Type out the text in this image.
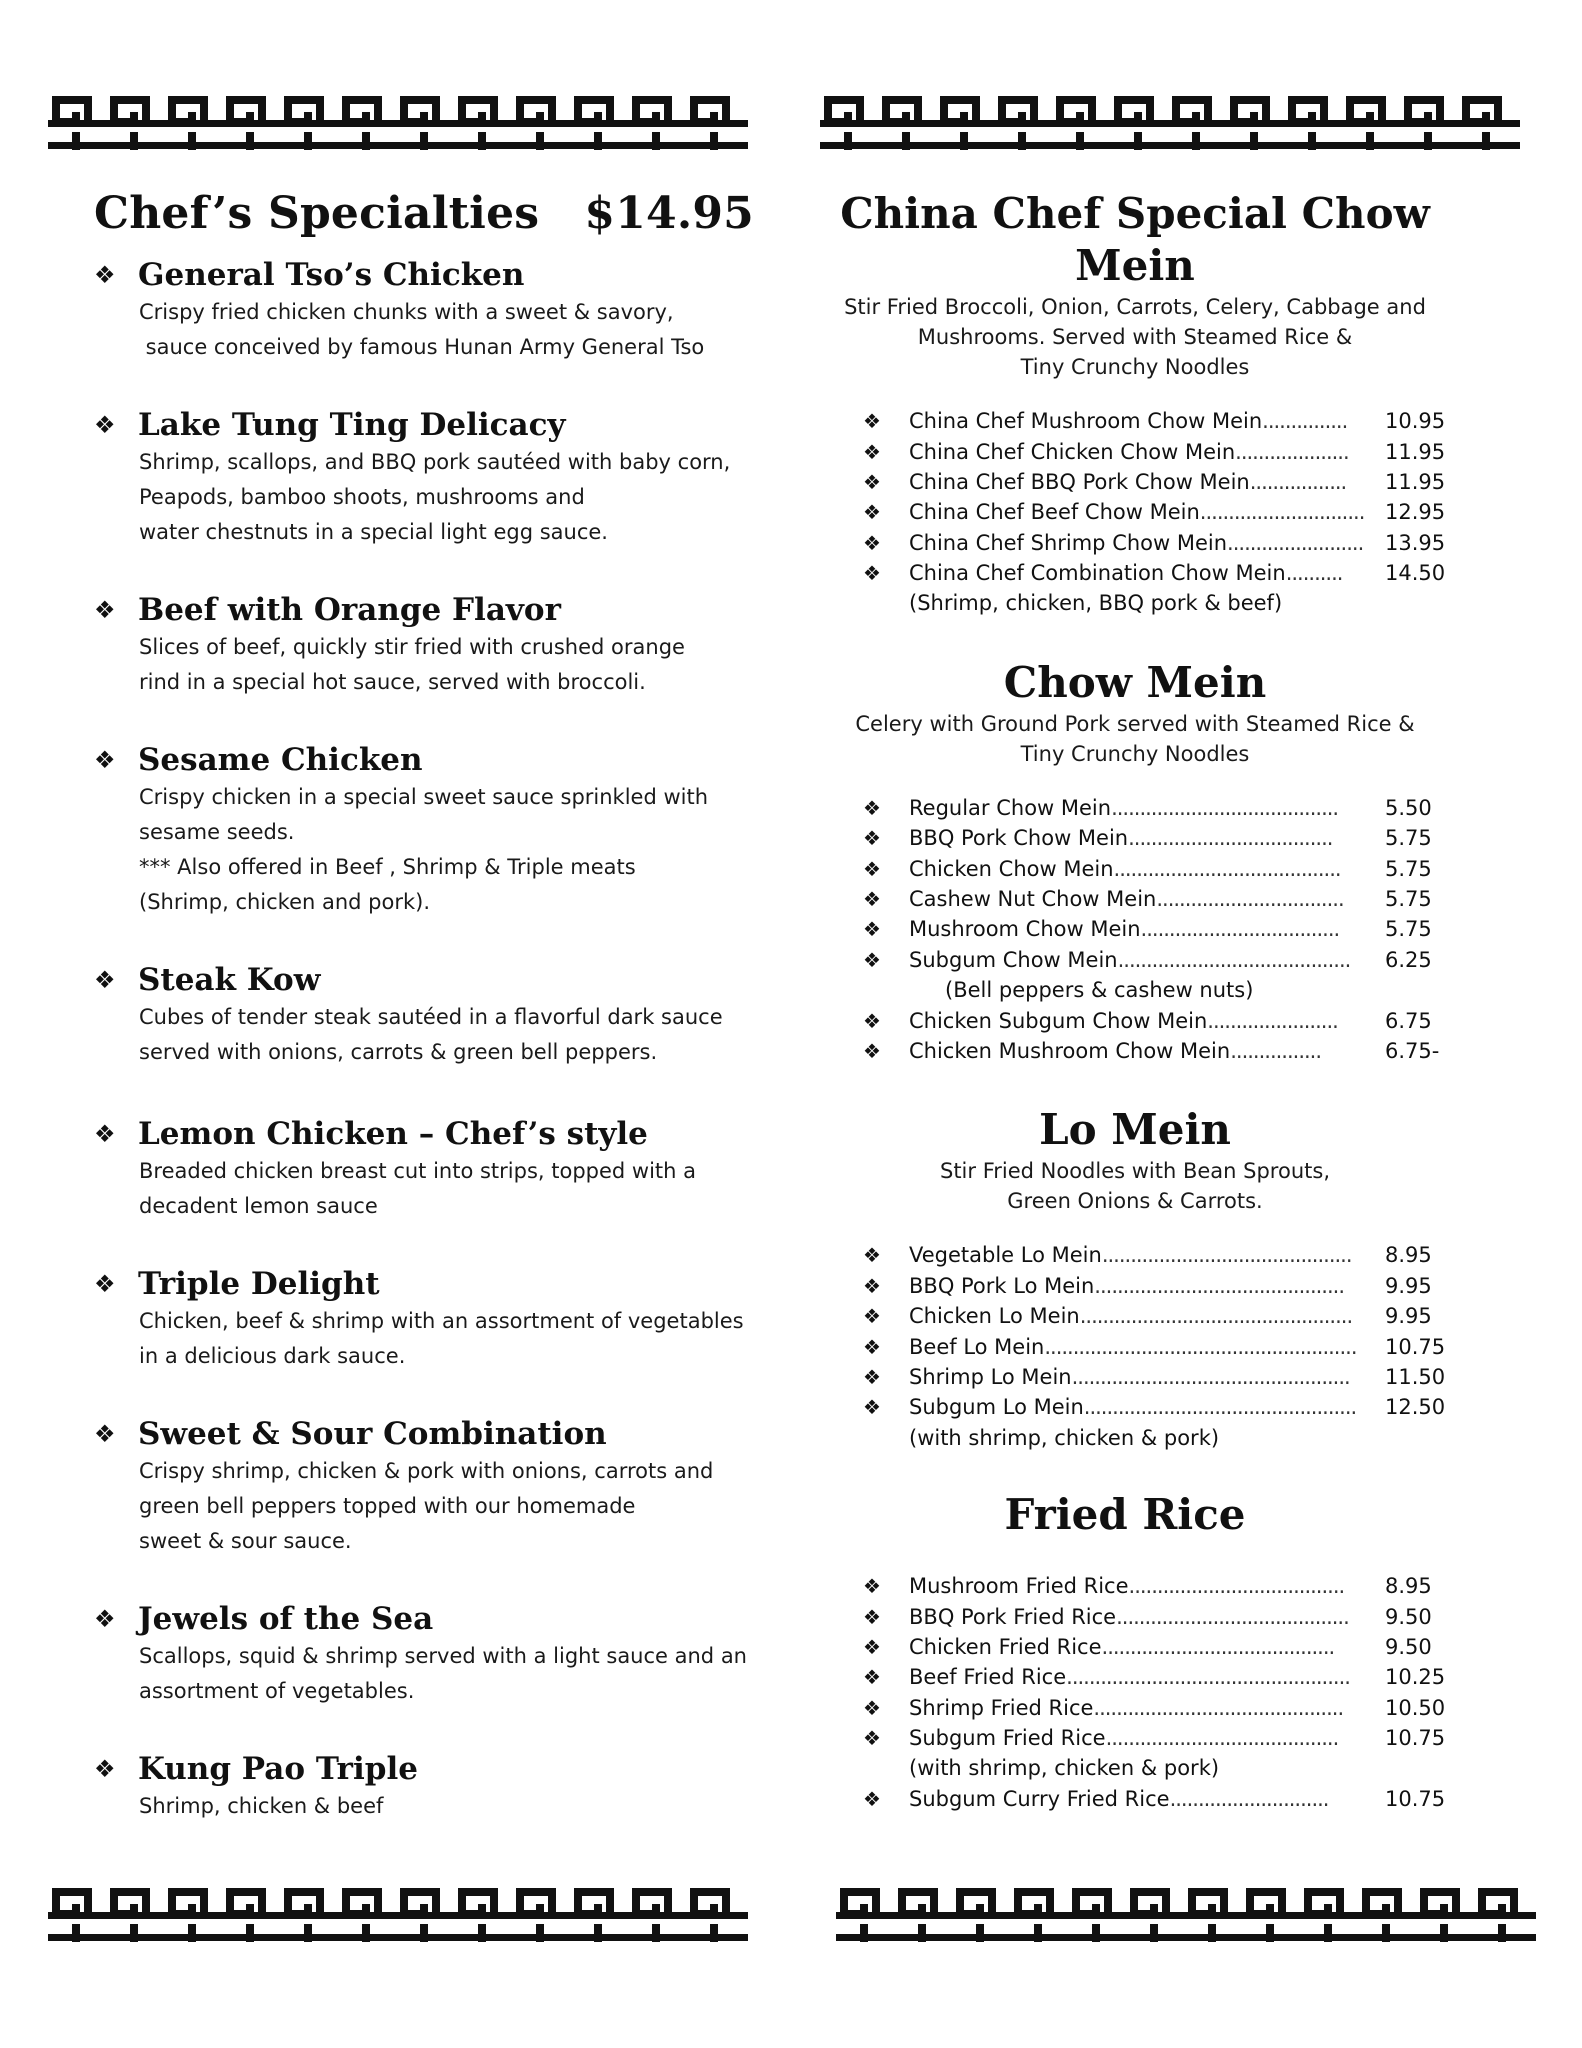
Chef’s Specialties $14.95
❖ General Tso’s Chicken
Crispy fried chicken chunks with a sweet & savory,
sauce conceived by famous Hunan Army General Tso
❖ Lake Tung Ting Delicacy
Shrimp, scallops, and BBQ pork sautéed with baby corn,
Peapods, bamboo shoots, mushrooms and
water chestnuts in a special light egg sauce.
❖ Beef with Orange Flavor
Slices of beef, quickly stir fried with crushed orange
rind in a special hot sauce, served with broccoli.
❖ Sesame Chicken
Crispy chicken in a special sweet sauce sprinkled with
sesame seeds.
*** Also offered in Beef , Shrimp & Triple meats
(Shrimp, chicken and pork).
❖ Steak Kow
Cubes of tender steak sautéed in a flavorful dark sauce
served with onions, carrots & green bell peppers.
❖ Lemon Chicken – Chef’s style
Breaded chicken breast cut into strips, topped with a
decadent lemon sauce
❖ Triple Delight
Chicken, beef & shrimp with an assortment of vegetables
in a delicious dark sauce.
❖ Sweet & Sour Combination
Crispy shrimp, chicken & pork with onions, carrots and
green bell peppers topped with our homemade
sweet & sour sauce.
❖ Jewels of the Sea
Scallops, squid & shrimp served with a light sauce and an
assortment of vegetables.
❖ Kung Pao Triple
Shrimp, chicken & beef
China Chef Special Chow Mein
Stir Fried Broccoli, Onion, Carrots, Celery, Cabbage and
Mushrooms. Served with Steamed Rice &
Tiny Crunchy Noodles
❖	China Chef Mushroom Chow Mein ............... 10.95
❖	China Chef Chicken Chow Mein .................... 11.95
❖	China Chef BBQ Pork Chow Mein ................. 11.95
❖	China Chef Beef Chow Mein ............................. 12.95
❖	China Chef Shrimp Chow Mein ........................ 13.95
❖	China Chef Combination Chow Mein .......... 14.50
(Shrimp, chicken, BBQ pork & beef)
Chow Mein
Celery with Ground Pork served with Steamed Rice &
Tiny Crunchy Noodles
❖	Regular Chow Mein ........................................ 5.50
❖	BBQ Pork Chow Mein ....................................	5.75
❖	Chicken Chow Mein ........................................ 5.75
❖	Cashew Nut Chow Mein ................................. 5.75
❖	Mushroom Chow Mein ................................... 5.75
❖	Subgum Chow Mein ......................................... 6.25
(Bell peppers & cashew nuts)
❖	Chicken Subgum Chow Mein ....................... 6.75
❖	Chicken Mushroom Chow Mein ................	6.75-
Lo Mein
Stir Fried Noodles with Bean Sprouts,
Green Onions & Carrots.
❖	Vegetable Lo Mein ............................................ 8.95
❖	BBQ Pork Lo Mein ............................................ 9.95
❖	Chicken Lo Mein ................................................ 9.95
❖	Beef Lo Mein ....................................................... 10.75
❖	Shrimp Lo Mein ................................................. 11.50
❖	Subgum Lo Mein ................................................ 12.50
(with shrimp, chicken & pork)
Fried Rice
❖	Mushroom Fried Rice ...................................... 8.95
❖	BBQ Pork Fried Rice ......................................... 9.50
❖	Chicken Fried Rice ......................................... 9.50
❖	Beef Fried Rice .................................................. 10.25
❖	Shrimp Fried Rice ............................................ 10.50
❖	Subgum Fried Rice ......................................... 10.75
(with shrimp, chicken & pork)
❖	Subgum Curry Fried Rice ............................	10.75
